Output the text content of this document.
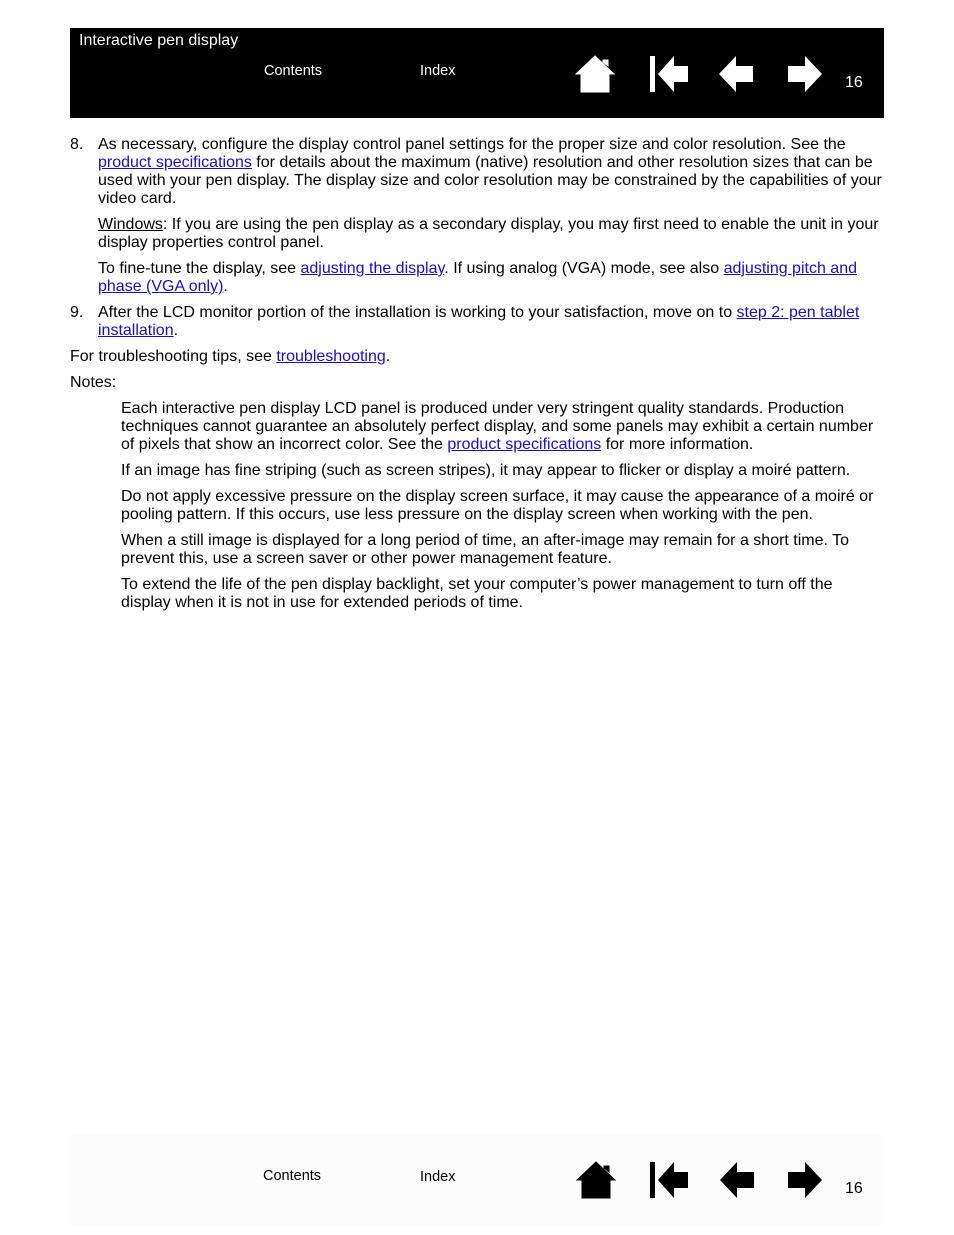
Interactive pen display
Contents	Index
16
8. As necessary, configure the display control panel settings for the proper size and color resolution. See the product specifications for details about the maximum (native) resolution and other resolution sizes that can be used with your pen display. The display size and color resolution may be constrained by the capabilities of your video card.

Windows: If you are using the pen display as a secondary display, you may first need to enable the unit in your display properties control panel.

To fine-tune the display, see adjusting the display. If using analog (VGA) mode, see also adjusting pitch and phase (VGA only).

9. After the LCD monitor portion of the installation is working to your satisfaction, move on to step 2: pen tablet installation.

For troubleshooting tips, see troubleshooting.

Notes:

Each interactive pen display LCD panel is produced under very stringent quality standards. Production techniques cannot guarantee an absolutely perfect display, and some panels may exhibit a certain number of pixels that show an incorrect color. See the product specifications for more information.

If an image has fine striping (such as screen stripes), it may appear to flicker or display a moiré pattern.

Do not apply excessive pressure on the display screen surface, it may cause the appearance of a moiré or pooling pattern. If this occurs, use less pressure on the display screen when working with the pen.

When a still image is displayed for a long period of time, an after-image may remain for a short time. To prevent this, use a screen saver or other power management feature.

To extend the life of the pen display backlight, set your computer’s power management to turn off the display when it is not in use for extended periods of time.

Contents	Index
16
